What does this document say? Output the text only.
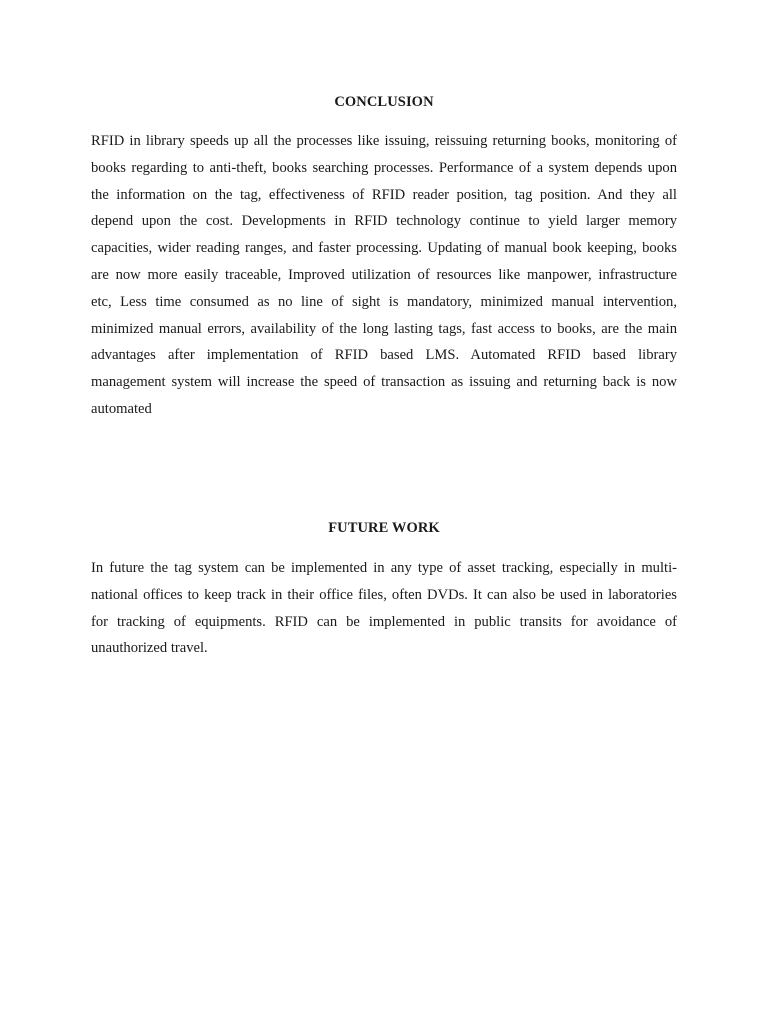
CONCLUSION
RFID in library speeds up all the processes like issuing, reissuing returning books, monitoring of
books regarding to anti-theft, books searching processes. Performance of a system depends upon
the information on the tag, effectiveness of RFID reader position, tag position. And they all
depend upon the cost. Developments in RFID technology continue to yield larger memory
capacities, wider reading ranges, and faster processing. Updating of manual book keeping, books
are now more easily traceable, Improved utilization of resources like manpower, infrastructure
etc, Less time consumed as no line of sight is mandatory, minimized manual intervention,
minimized manual errors, availability of the long lasting tags, fast access to books, are the main
advantages after implementation of RFID based LMS. Automated RFID based library
management system will increase the speed of transaction as issuing and returning back is now
automated
FUTURE WORK
In future the tag system can be implemented in any type of asset tracking, especially in multi-
national offices to keep track in their office files, often DVDs. It can also be used in laboratories
for tracking of equipments. RFID can be implemented in public transits for avoidance of
unauthorized travel.
